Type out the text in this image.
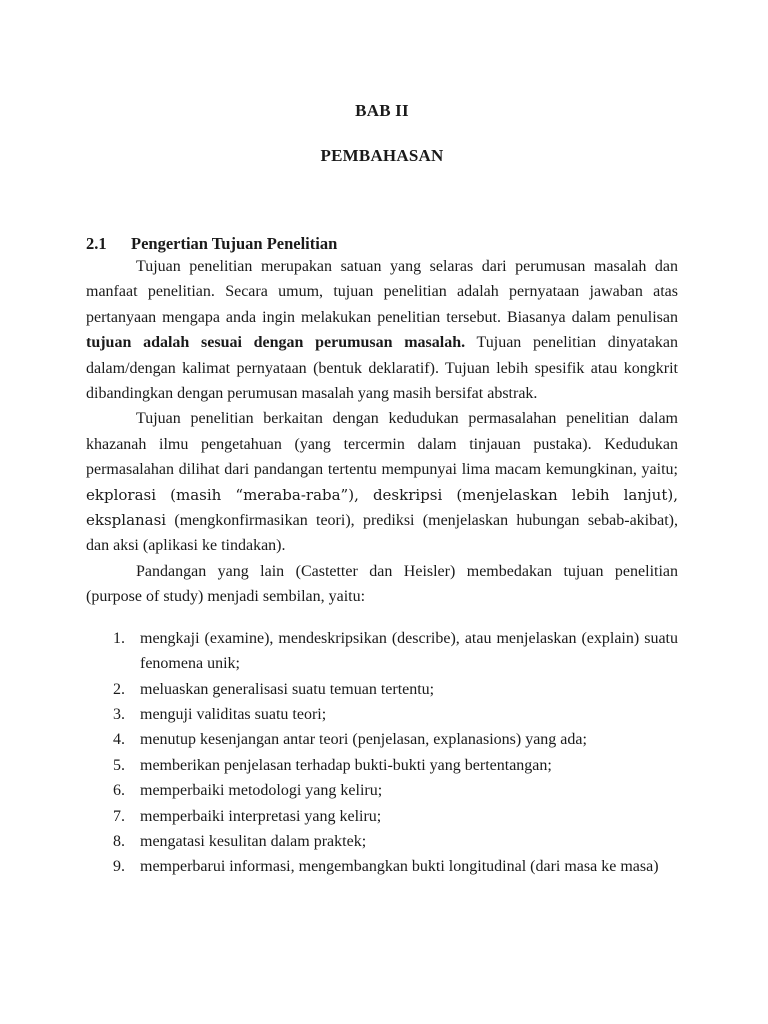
BAB II
PEMBAHASAN
2.1 Pengertian Tujuan Penelitian

Tujuan penelitian merupakan satuan yang selaras dari perumusan masalah dan manfaat penelitian. Secara umum, tujuan penelitian adalah pernyataan jawaban atas pertanyaan mengapa anda ingin melakukan penelitian tersebut. Biasanya dalam penulisan tujuan adalah sesuai dengan perumusan masalah. Tujuan penelitian dinyatakan dalam/dengan kalimat pernyataan (bentuk deklaratif). Tujuan lebih spesifik atau kongkrit dibandingkan dengan perumusan masalah yang masih bersifat abstrak.

Tujuan penelitian berkaitan dengan kedudukan permasalahan penelitian dalam khazanah ilmu pengetahuan (yang tercermin dalam tinjauan pustaka). Kedudukan permasalahan dilihat dari pandangan tertentu mempunyai lima macam kemungkinan, yaitu; ekplorasi (masih “meraba-raba”), deskripsi (menjelaskan lebih lanjut), eksplanasi (mengkonfirmasikan teori), prediksi (menjelaskan hubungan sebab-akibat), dan aksi (aplikasi ke tindakan).

Pandangan yang lain (Castetter dan Heisler) membedakan tujuan penelitian (purpose of study) menjadi sembilan, yaitu:

1. mengkaji (examine), mendeskripsikan (describe), atau menjelaskan (explain) suatu fenomena unik;
2. meluaskan generalisasi suatu temuan tertentu;
3. menguji validitas suatu teori;
4. menutup kesenjangan antar teori (penjelasan, explanasions) yang ada;
5. memberikan penjelasan terhadap bukti-bukti yang bertentangan;
6. memperbaiki metodologi yang keliru;
7. memperbaiki interpretasi yang keliru;
8. mengatasi kesulitan dalam praktek;
9. memperbarui informasi, mengembangkan bukti longitudinal (dari masa ke masa)
